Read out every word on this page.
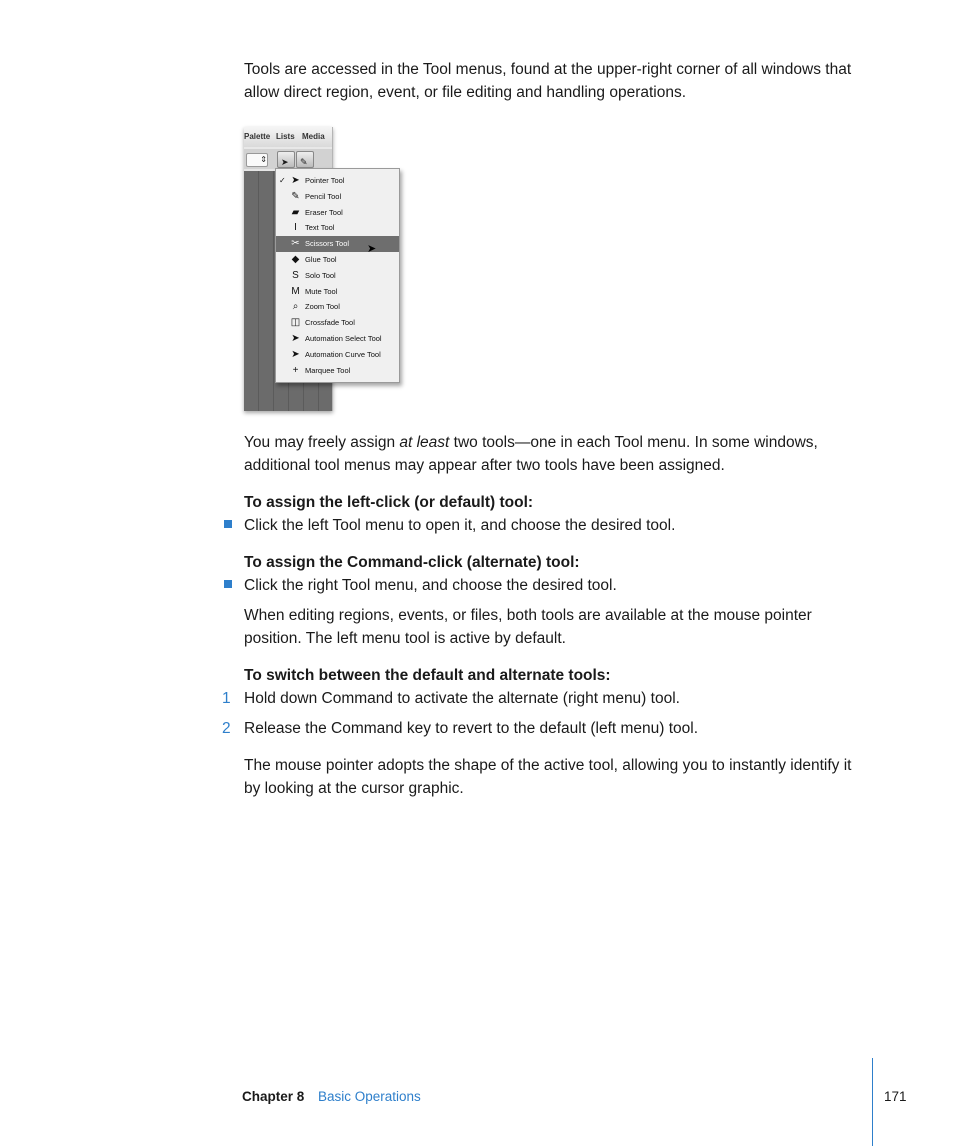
Tools are accessed in the Tool menus, found at the upper-right corner of all windows that allow direct region, event, or file editing and handling operations.

Palette Lists Media
⇕	➤	✎
✓ ➤ Pointer Tool
✎ Pencil Tool
▰ Eraser Tool
I	Text Tool
✂ Scissors Tool
◆ Glue Tool
S Solo Tool
M Mute Tool
⌕ Zoom Tool
◫ Crossfade Tool
➤ Automation Select Tool
➤ Automation Curve Tool
+ Marquee Tool
➤

You may freely assign at least two tools—one in each Tool menu. In some windows, additional tool menus may appear after two tools have been assigned.

To assign the left-click (or default) tool:

Click the left Tool menu to open it, and choose the desired tool.

To assign the Command-click (alternate) tool:

Click the right Tool menu, and choose the desired tool.

When editing regions, events, or files, both tools are available at the mouse pointer position. The left menu tool is active by default.

To switch between the default and alternate tools:

1 Hold down Command to activate the alternate (right menu) tool.

2 Release the Command key to revert to the default (left menu) tool.

The mouse pointer adopts the shape of the active tool, allowing you to instantly identify it by looking at the cursor graphic.

Chapter 8 Basic Operations	171
